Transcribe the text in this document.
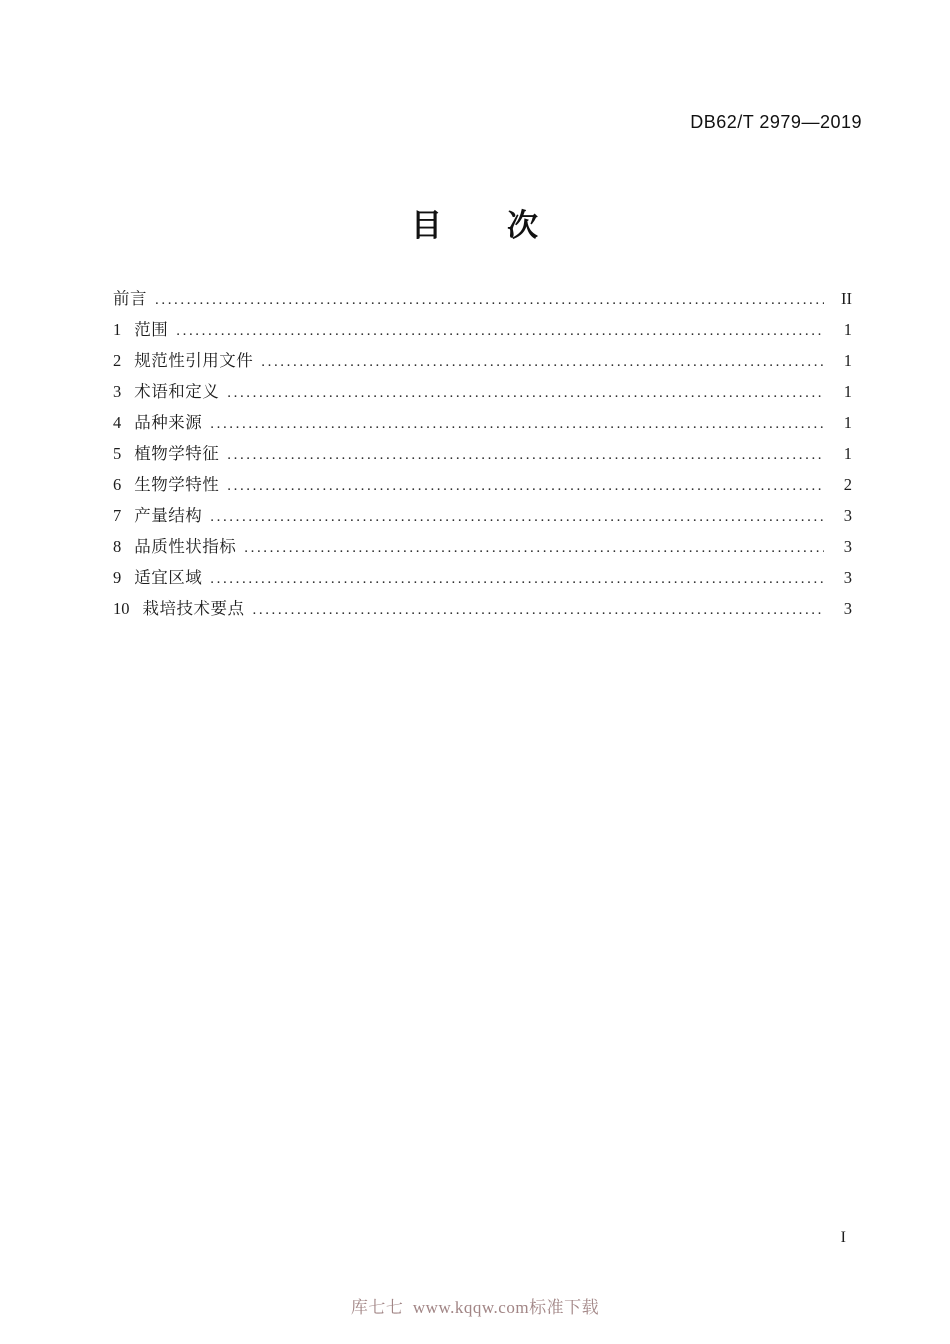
DB62/T 2979—2019
目　　次
前言 .....	II
1 范围 .....	1
2 规范性引用文件 .....	1
3 术语和定义 .....	1
4 品种来源 .....	1
5 植物学特征 .....	1
6 生物学特性 .....	2
7 产量结构 .....	3
8 品质性状指标 .....	3
9 适宜区域 .....	3
10 栽培技术要点 .....	3
I
库七七  www.kqqw.com标准下载
